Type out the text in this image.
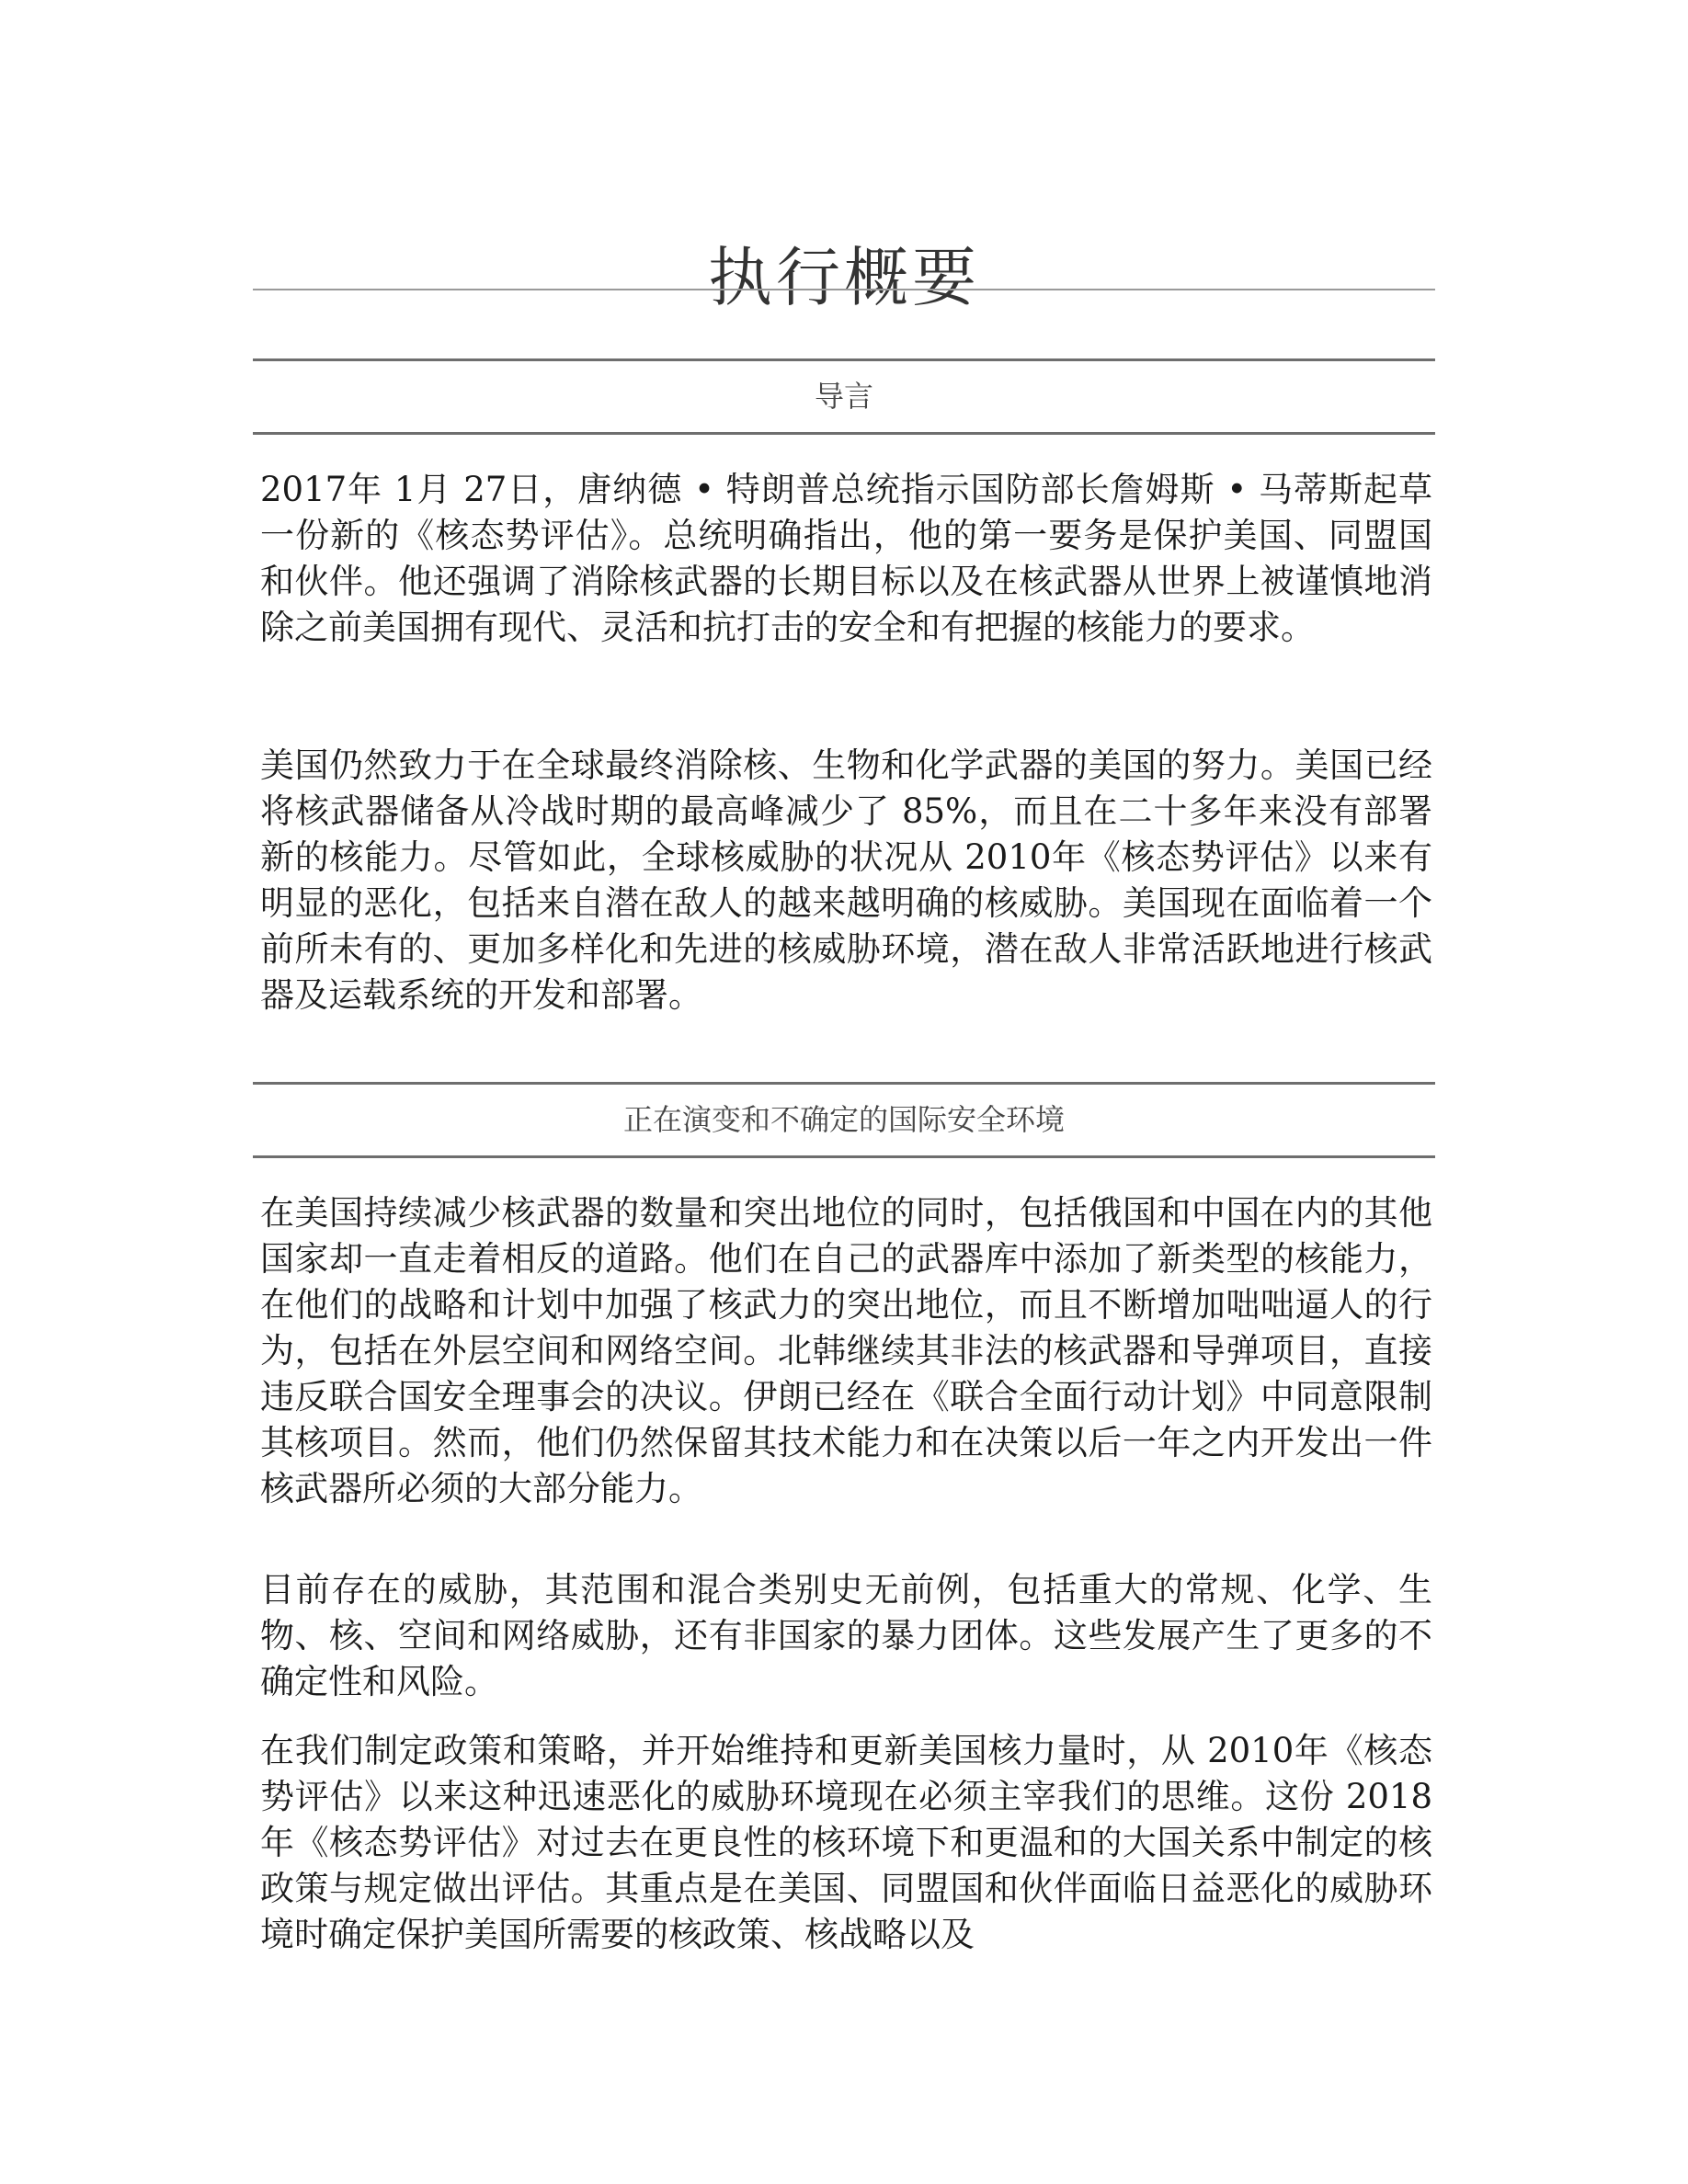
执行概要
导言

2017年 1月 27日，唐纳德 • 特朗普总统指示国防部长詹姆斯 • 马蒂斯起草一份新的《核态势评估》。总统明确指出，他的第一要务是保护美国、同盟国和伙伴。他还强调了消除核武器的长期目标以及在核武器从世界上被谨慎地消除之前美国拥有现代、灵活和抗打击的安全和有把握的核能力的要求。

美国仍然致力于在全球最终消除核、生物和化学武器的美国的努力。美国已经将核武器储备从冷战时期的最高峰减少了 85%，而且在二十多年来没有部署新的核能力。尽管如此，全球核威胁的状况从 2010年《核态势评估》以来有明显的恶化，包括来自潜在敌人的越来越明确的核威胁。美国现在面临着一个前所未有的、更加多样化和先进的核威胁环境，潜在敌人非常活跃地进行核武器及运载系统的开发和部署。

正在演变和不确定的国际安全环境

在美国持续减少核武器的数量和突出地位的同时，包括俄国和中国在内的其他国家却一直走着相反的道路。他们在自己的武器库中添加了新类型的核能力，在他们的战略和计划中加强了核武力的突出地位，而且不断增加咄咄逼人的行为，包括在外层空间和网络空间。北韩继续其非法的核武器和导弹项目，直接违反联合国安全理事会的决议。伊朗已经在《联合全面行动计划》中同意限制其核项目。然而，他们仍然保留其技术能力和在决策以后一年之内开发出一件核武器所必须的大部分能力。

目前存在的威胁，其范围和混合类别史无前例，包括重大的常规、化学、生物、核、空间和网络威胁，还有非国家的暴力团体。这些发展产生了更多的不确定性和风险。

在我们制定政策和策略，并开始维持和更新美国核力量时，从 2010年《核态势评估》以来这种迅速恶化的威胁环境现在必须主宰我们的思维。这份 2018年《核态势评估》对过去在更良性的核环境下和更温和的大国关系中制定的核政策与规定做出评估。其重点是在美国、同盟国和伙伴面临日益恶化的威胁环境时确定保护美国所需要的核政策、核战略以及
